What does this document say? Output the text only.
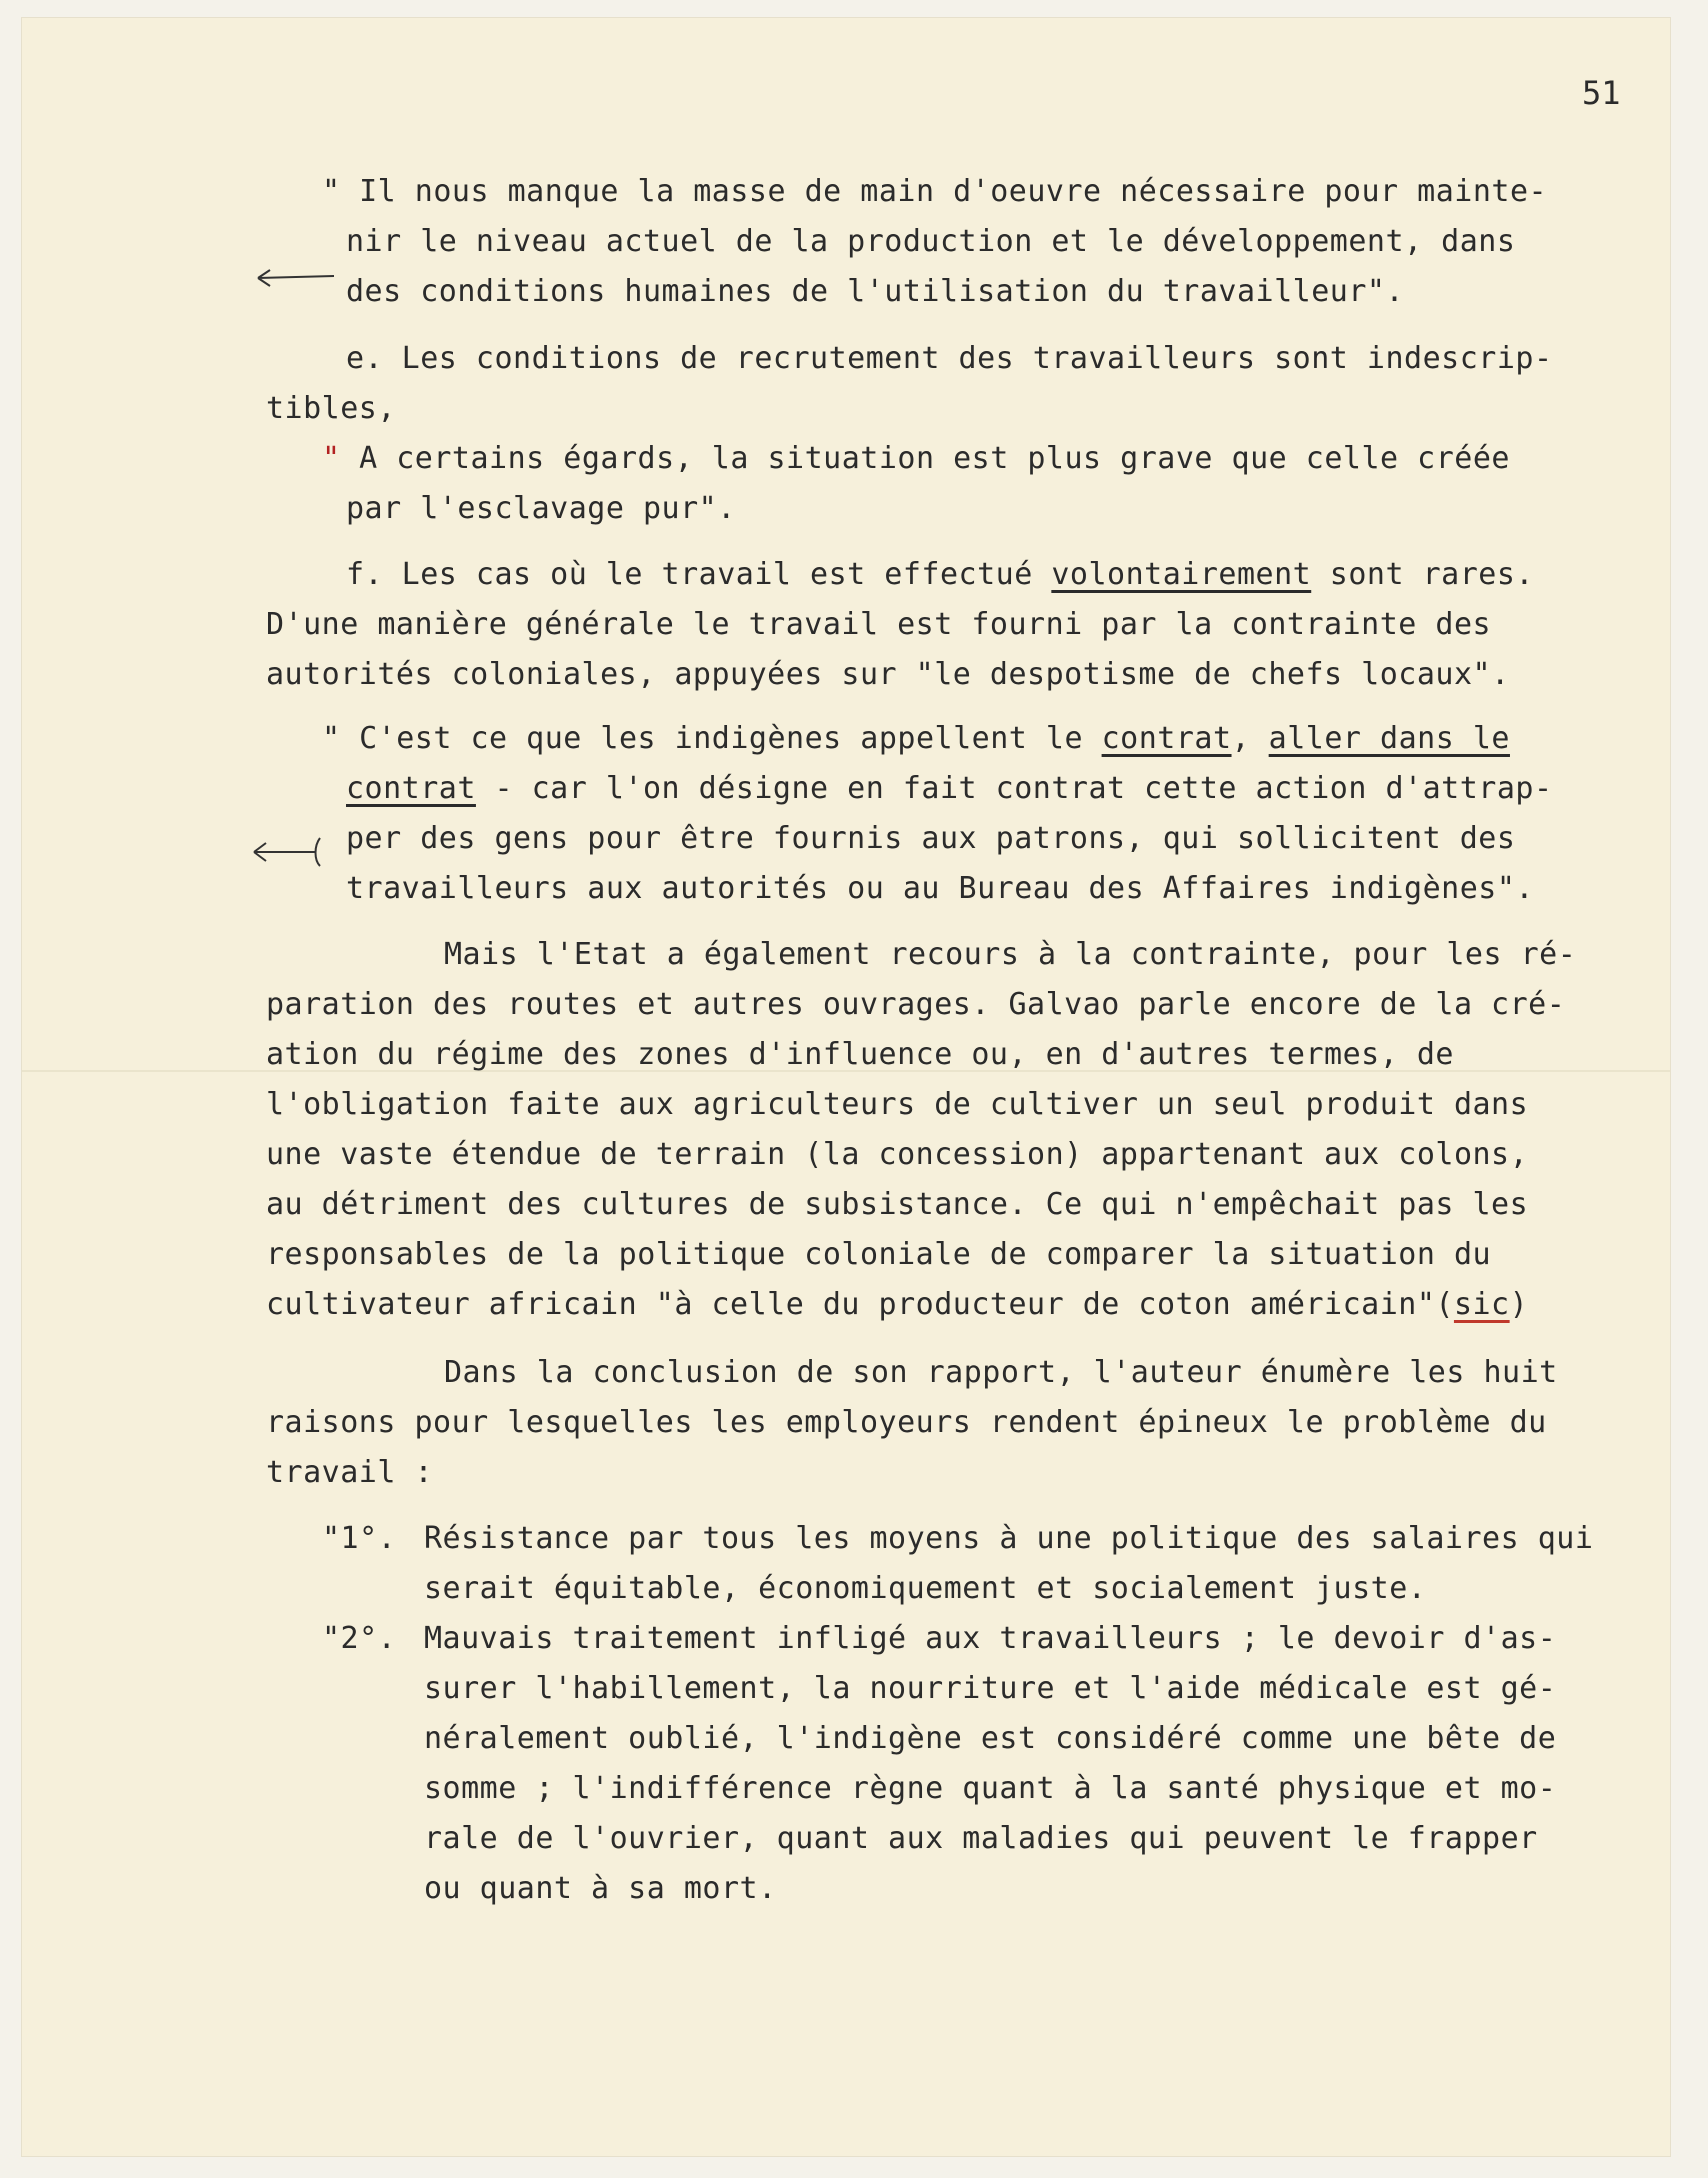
51
" Il nous manque la masse de main d'oeuvre nécessaire pour mainte-
nir le niveau actuel de la production et le développement, dans
des conditions humaines de l'utilisation du travailleur".
e. Les conditions de recrutement des travailleurs sont indescrip-
tibles,
" A certains égards, la situation est plus grave que celle créée
par l'esclavage pur".
f. Les cas où le travail est effectué volontairement sont rares.
D'une manière générale le travail est fourni par la contrainte des
autorités coloniales, appuyées sur "le despotisme de chefs locaux".
" C'est ce que les indigènes appellent le contrat, aller dans le
contrat - car l'on désigne en fait contrat cette action d'attrap-
per des gens pour être fournis aux patrons, qui sollicitent des
travailleurs aux autorités ou au Bureau des Affaires indigènes".
Mais l'Etat a également recours à la contrainte, pour les ré-
paration des routes et autres ouvrages. Galvao parle encore de la cré-
ation du régime des zones d'influence ou, en d'autres termes, de
l'obligation faite aux agriculteurs de cultiver un seul produit dans
une vaste étendue de terrain (la concession) appartenant aux colons,
au détriment des cultures de subsistance. Ce qui n'empêchait pas les
responsables de la politique coloniale de comparer la situation du
cultivateur africain "à celle du producteur de coton américain"(sic)
Dans la conclusion de son rapport, l'auteur énumère les huit
raisons pour lesquelles les employeurs rendent épineux le problème du
travail :
"1°. Résistance par tous les moyens à une politique des salaires qui
serait équitable, économiquement et socialement juste.
"2°. Mauvais traitement infligé aux travailleurs ; le devoir d'as-
surer l'habillement, la nourriture et l'aide médicale est gé-
néralement oublié, l'indigène est considéré comme une bête de
somme ; l'indifférence règne quant à la santé physique et mo-
rale de l'ouvrier, quant aux maladies qui peuvent le frapper
ou quant à sa mort.
